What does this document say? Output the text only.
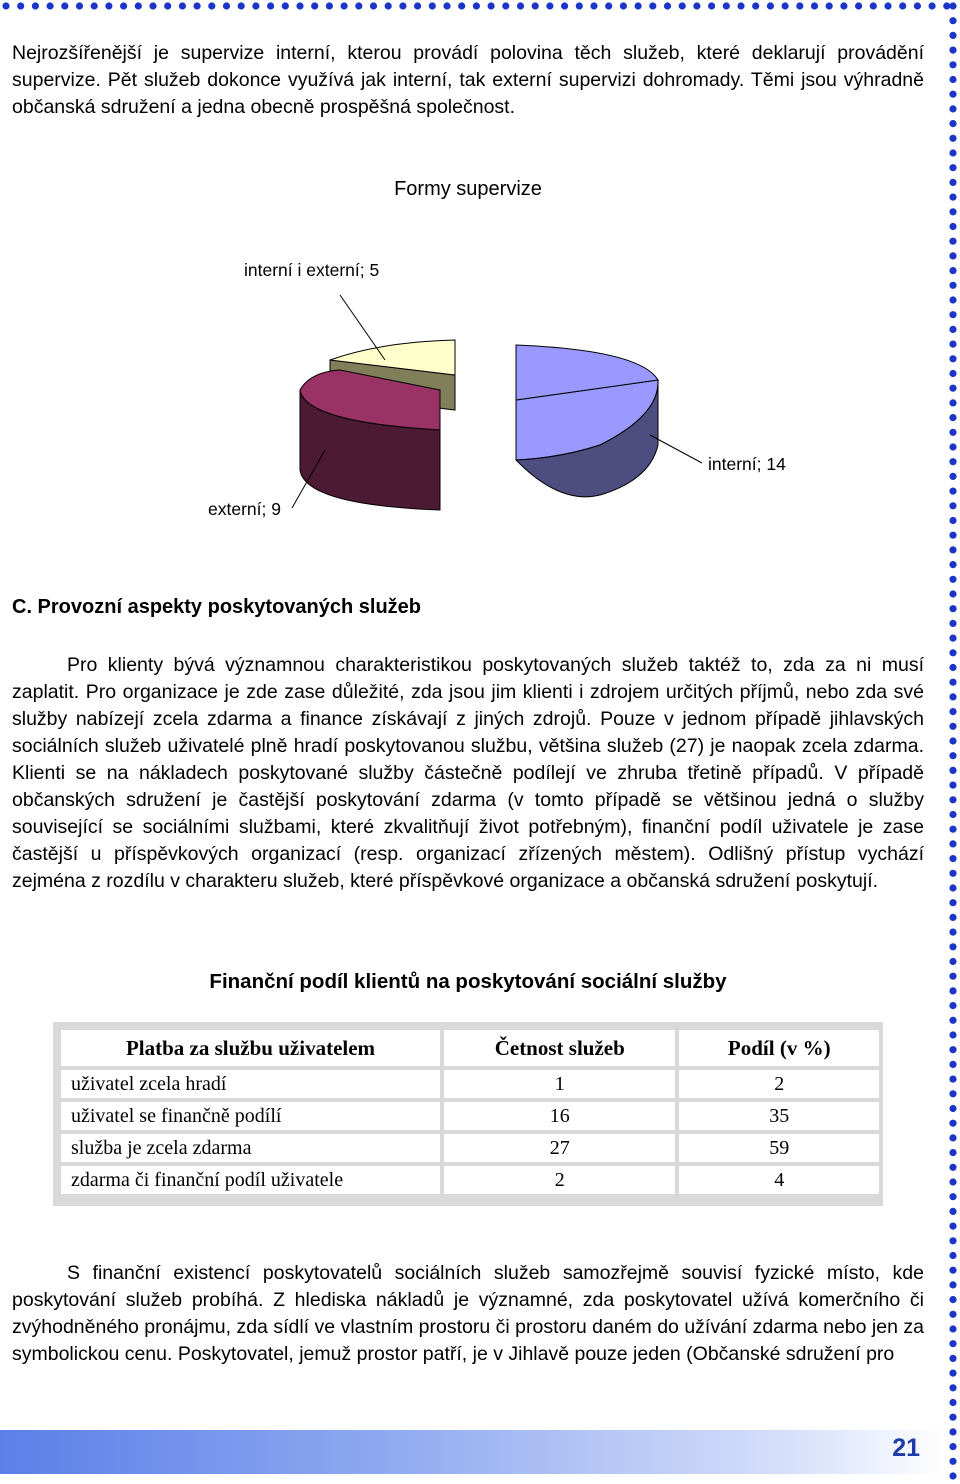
Nejrozšířenější je supervize interní, kterou provádí polovina těch služeb, které deklarují provádění supervize. Pět služeb dokonce využívá jak interní, tak externí supervizi dohromady. Těmi jsou výhradně občanská sdružení a jedna obecně prospěšná společnost.

Formy supervize
interní i externí; 5
externí; 9
interní; 14
C. Provozní aspekty poskytovaných služeb

Pro klienty bývá významnou charakteristikou poskytovaných služeb taktéž to, zda za ni musí zaplatit. Pro organizace je zde zase důležité, zda jsou jim klienti i zdrojem určitých příjmů, nebo zda své služby nabízejí zcela zdarma a finance získávají z jiných zdrojů. Pouze v jednom případě jihlavských sociálních služeb uživatelé plně hradí poskytovanou službu, většina služeb (27) je naopak zcela zdarma. Klienti se na nákladech poskytované služby částečně podílejí ve zhruba třetině případů. V případě občanských sdružení je častější poskytování zdarma (v tomto případě se většinou jedná o služby související se sociálními službami, které zkvalitňují život potřebným), finanční podíl uživatele je zase častější u příspěvkových organizací (resp. organizací zřízených městem). Odlišný přístup vychází zejména z rozdílu v charakteru služeb, které příspěvkové organizace a občanská sdružení poskytují.

Finanční podíl klientů na poskytování sociální služby
Platba za službu uživatelem	Četnost služeb	Podíl (v %)
uživatel zcela hradí	1	2
uživatel se finančně podílí	16	35
služba je zcela zdarma	27	59
zdarma či finanční podíl uživatele	2	4

S finanční existencí poskytovatelů sociálních služeb samozřejmě souvisí fyzické místo, kde poskytování služeb probíhá. Z hlediska nákladů je významné, zda poskytovatel užívá komerčního či zvýhodněného pronájmu, zda sídlí ve vlastním prostoru či prostoru daném do užívání zdarma nebo jen za symbolickou cenu. Poskytovatel, jemuž prostor patří, je v Jihlavě pouze jeden (Občanské sdružení pro

21
